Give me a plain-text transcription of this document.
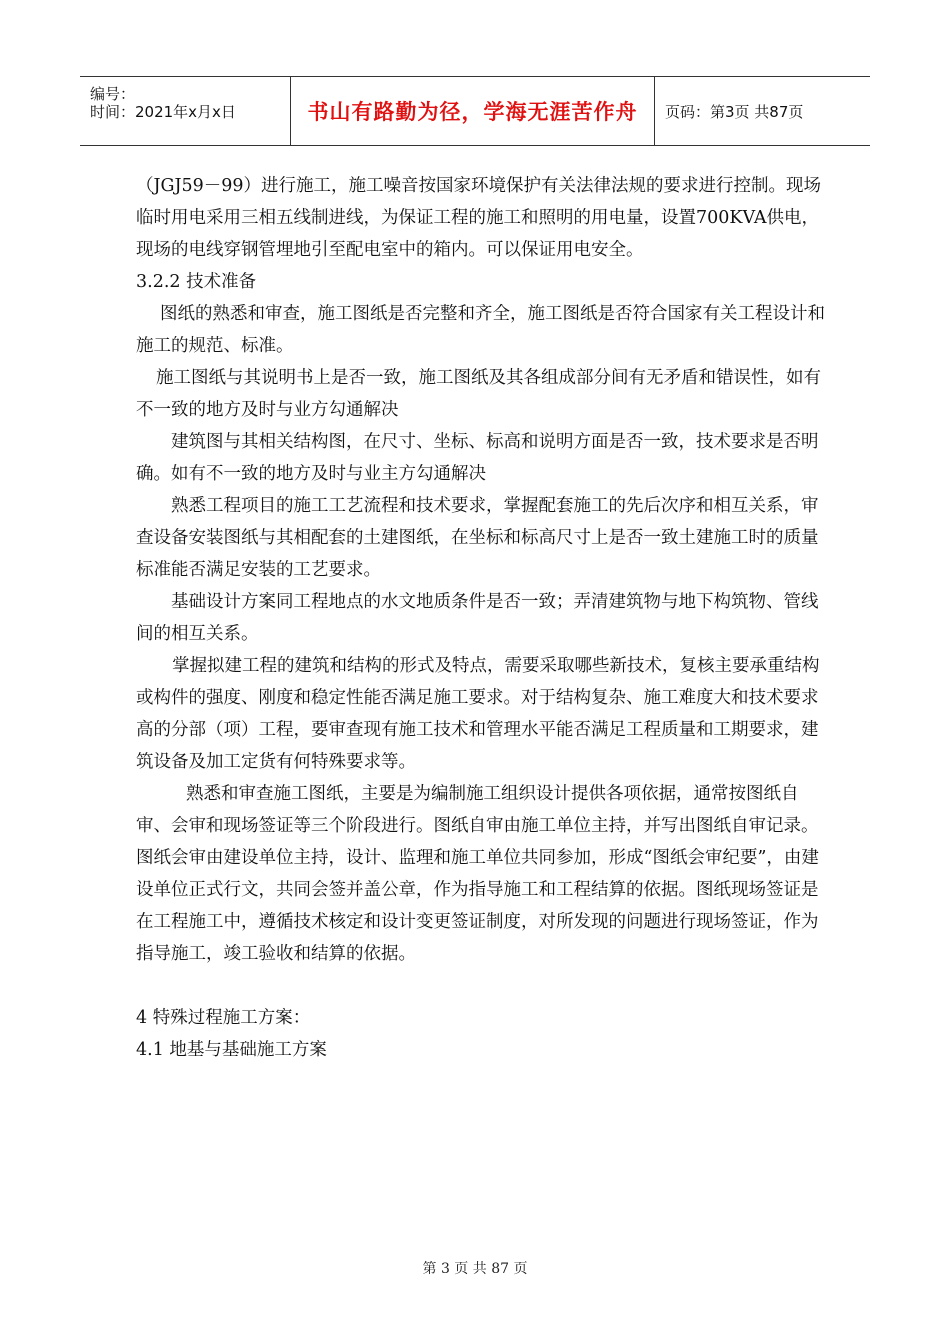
编号：
时间：2021年x月x日	书山有路勤为径，学海无涯苦作舟	页码：第3页 共87页

（JGJ59－99）进行施工，施工噪音按国家环境保护有关法律法规的要求进行控制。现场临时用电采用三相五线制进线，为保证工程的施工和照明的用电量，设置700KVA供电，现场的电线穿钢管埋地引至配电室中的箱内。可以保证用电安全。

3.2.2 技术准备

图纸的熟悉和审查，施工图纸是否完整和齐全，施工图纸是否符合国家有关工程设计和施工的规范、标准。

施工图纸与其说明书上是否一致，施工图纸及其各组成部分间有无矛盾和错误性，如有不一致的地方及时与业方勾通解决

建筑图与其相关结构图，在尺寸、坐标、标高和说明方面是否一致，技术要求是否明确。如有不一致的地方及时与业主方勾通解决

熟悉工程项目的施工工艺流程和技术要求，掌握配套施工的先后次序和相互关系，审查设备安装图纸与其相配套的土建图纸，在坐标和标高尺寸上是否一致土建施工时的质量标准能否满足安装的工艺要求。

基础设计方案同工程地点的水文地质条件是否一致；弄清建筑物与地下构筑物、管线间的相互关系。

掌握拟建工程的建筑和结构的形式及特点，需要采取哪些新技术，复核主要承重结构或构件的强度、刚度和稳定性能否满足施工要求。对于结构复杂、施工难度大和技术要求高的分部（项）工程，要审查现有施工技术和管理水平能否满足工程质量和工期要求，建筑设备及加工定货有何特殊要求等。

熟悉和审查施工图纸，主要是为编制施工组织设计提供各项依据，通常按图纸自审、会审和现场签证等三个阶段进行。图纸自审由施工单位主持，并写出图纸自审记录。图纸会审由建设单位主持，设计、监理和施工单位共同参加，形成“图纸会审纪要”，由建设单位正式行文，共同会签并盖公章，作为指导施工和工程结算的依据。图纸现场签证是在工程施工中，遵循技术核定和设计变更签证制度，对所发现的问题进行现场签证，作为指导施工，竣工验收和结算的依据。

4 特殊过程施工方案：

4.1 地基与基础施工方案

第 3 页 共 87 页
